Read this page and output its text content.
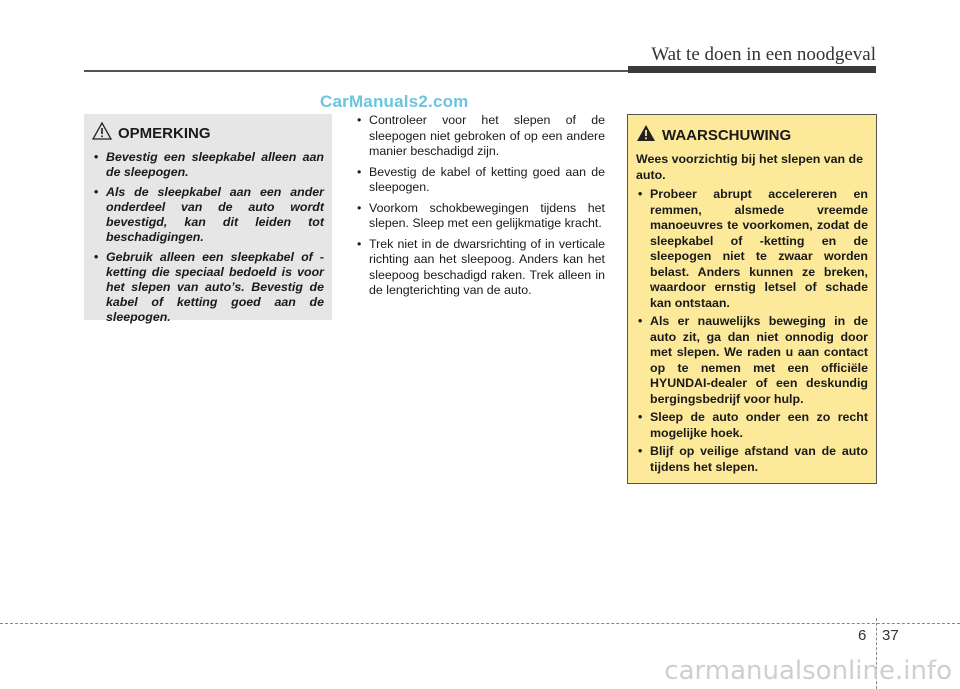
Wat te doen in een noodgeval
CarManuals2.com
OPMERKING
• Bevestig een sleepkabel alleen aan de sleepogen.
• Als de sleepkabel aan een ander onderdeel van de auto wordt bevestigd, kan dit leiden tot beschadigingen.
• Gebruik alleen een sleepkabel of -ketting die speciaal bedoeld is voor het slepen van auto’s. Bevestig de kabel of ketting goed aan de sleepogen.
• Controleer voor het slepen of de sleepogen niet gebroken of op een andere manier beschadigd zijn.
• Bevestig de kabel of ketting goed aan de sleepogen.
• Voorkom schokbewegingen tijdens het slepen. Sleep met een gelijkmatige kracht.
• Trek niet in de dwarsrichting of in verticale richting aan het sleepoog. Anders kan het sleepoog beschadigd raken. Trek alleen in de lengterichting van de auto.
WAARSCHUWING
Wees voorzichtig bij het slepen van de auto.
• Probeer abrupt accelereren en remmen, alsmede vreemde manoeuvres te voorkomen, zodat de sleepkabel of -ketting en de sleepogen niet te zwaar worden belast. Anders kunnen ze breken, waardoor ernstig letsel of schade kan ontstaan.
• Als er nauwelijks beweging in de auto zit, ga dan niet onnodig door met slepen. We raden u aan contact op te nemen met een officiële HYUNDAI-dealer of een deskundig bergingsbedrijf voor hulp.
• Sleep de auto onder een zo recht mogelijke hoek.
• Blijf op veilige afstand van de auto tijdens het slepen.
6 37
carmanualsonline.info
